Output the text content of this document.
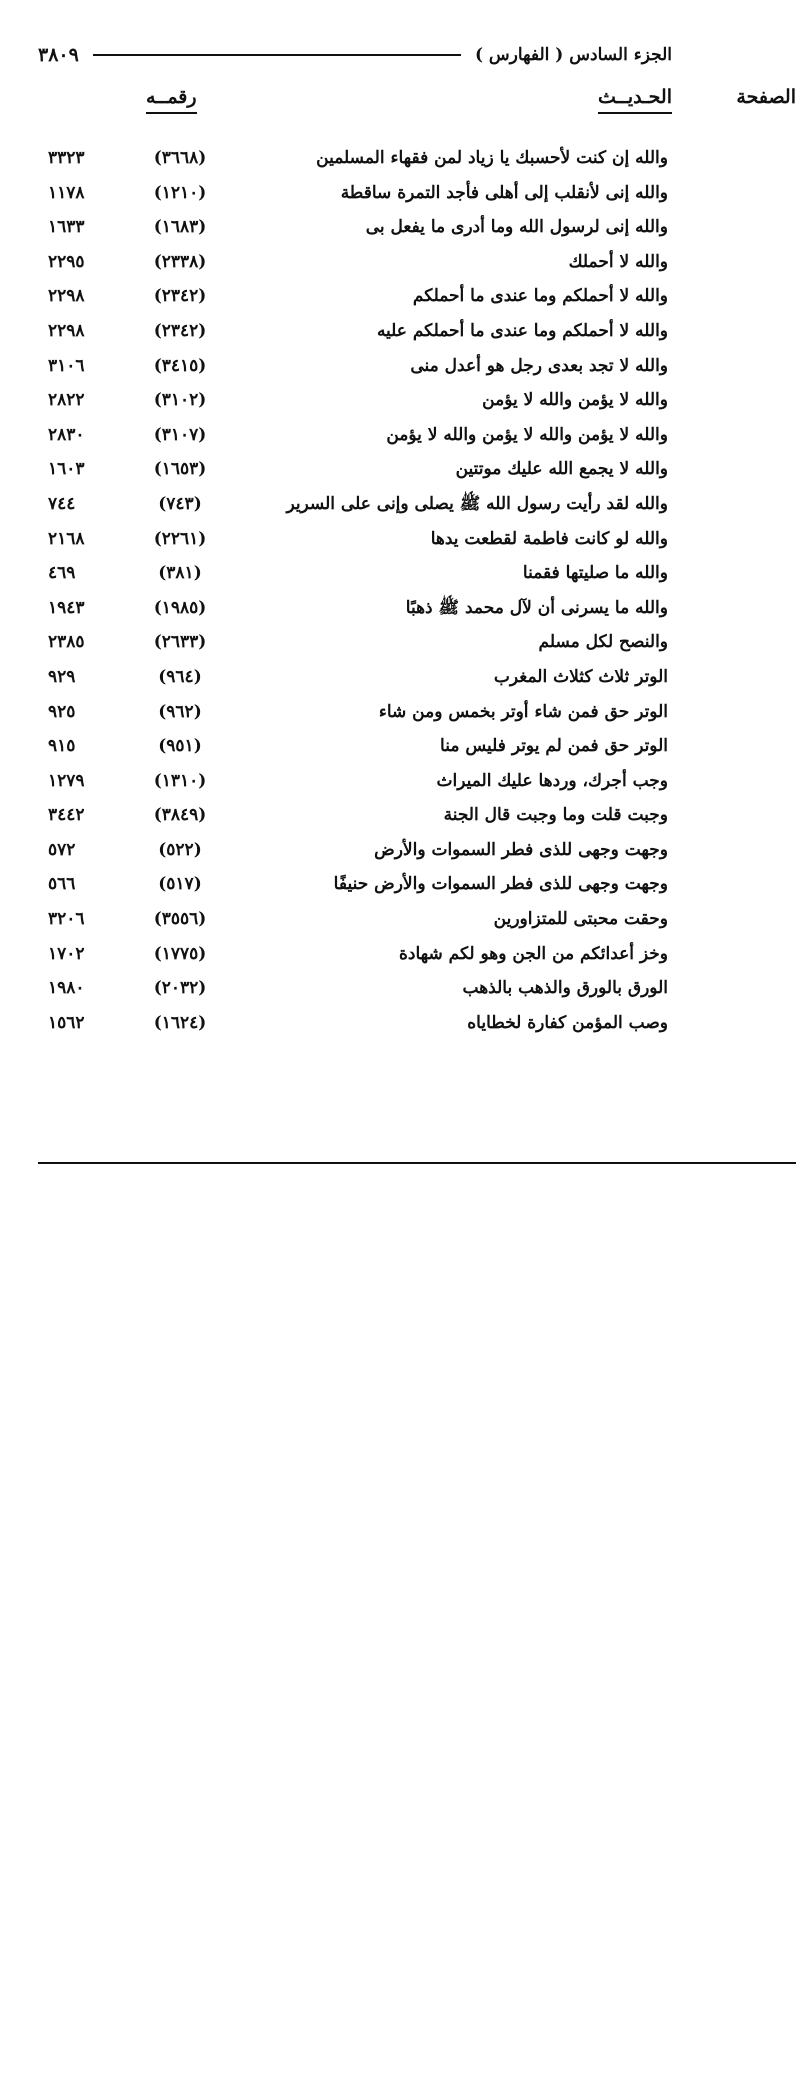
٣٨٠٩	الجزء السادس ( الفهارس )
الحـديــث
رقمــه	الصفحة
والله إن كنت لأحسبك يا زياد لمن فقهاء المسلمين
(٣٦٦٨)
٣٣٢٣
والله إنى لأنقلب إلى أهلى فأجد التمرة ساقطة
(١٢١٠)
١١٧٨
والله إنى لرسول الله وما أدرى ما يفعل بى
(١٦٨٣)
١٦٣٣
والله لا أحملك
(٢٣٣٨)
٢٢٩٥
والله لا أحملكم وما عندى ما أحملكم
(٢٣٤٢)
٢٢٩٨
والله لا أحملكم وما عندى ما أحملكم عليه
(٢٣٤٢)
٢٢٩٨
والله لا تجد بعدى رجل هو أعدل منى
(٣٤١٥)
٣١٠٦
والله لا يؤمن والله لا يؤمن
(٣١٠٢)
٢٨٢٢
والله لا يؤمن والله لا يؤمن والله لا يؤمن
(٣١٠٧)
٢٨٣٠
والله لا يجمع الله عليك موتتين
(١٦٥٣)
١٦٠٣
والله لقد رأيت رسول الله ﷺ يصلى وإنى على السرير
(٧٤٣)
٧٤٤
والله لو كانت فاطمة لقطعت يدها
(٢٢٦١)
٢١٦٨
والله ما صليتها فقمنا
(٣٨١)
٤٦٩
والله ما يسرنى أن لآل محمد ﷺ ذهبًا
(١٩٨٥)
١٩٤٣
والنصح لكل مسلم
(٢٦٣٣)
٢٣٨٥
الوتر ثلاث كثلاث المغرب
(٩٦٤)
٩٢٩
الوتر حق فمن شاء أوتر بخمس ومن شاء
(٩٦٢)
٩٢٥
الوتر حق فمن لم يوتر فليس منا
(٩٥١)
٩١٥
وجب أجرك، وردها عليك الميراث
(١٣١٠)
١٢٧٩
وجبت قلت وما وجبت قال الجنة
(٣٨٤٩)
٣٤٤٢
وجهت وجهى للذى فطر السموات والأرض
(٥٢٢)
٥٧٢
وجهت وجهى للذى فطر السموات والأرض حنيفًا
(٥١٧)
٥٦٦
وحقت محبتى للمتزاورين
(٣٥٥٦)
٣٢٠٦
وخز أعدائكم من الجن وهو لكم شهادة
(١٧٧٥)
١٧٠٢
الورق بالورق والذهب بالذهب
(٢٠٣٢)
١٩٨٠
وصب المؤمن كفارة لخطاياه
(١٦٢٤)
١٥٦٢
